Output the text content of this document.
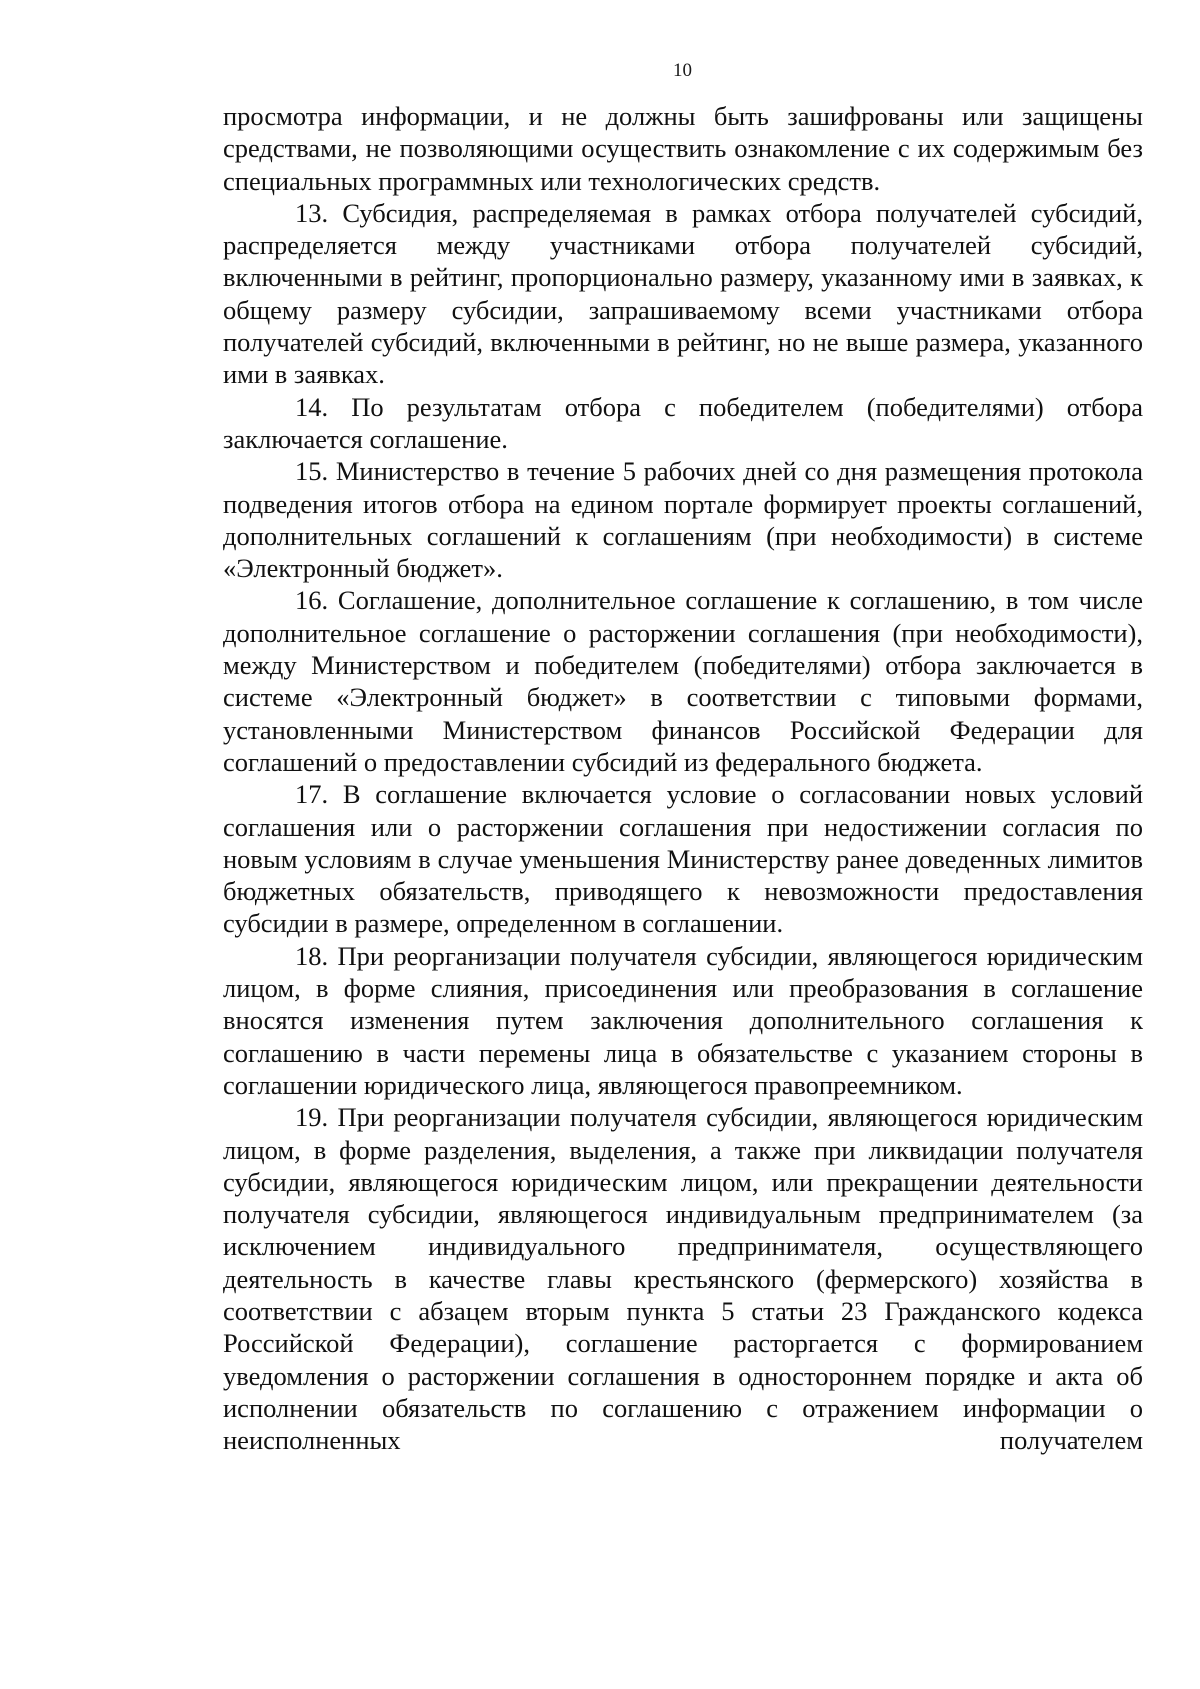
10

просмотра информации, и не должны быть зашифрованы или защищены средствами, не позволяющими осуществить ознакомление с их содержимым без специальных программных или технологических средств.

13. Субсидия, распределяемая в рамках отбора получателей субсидий, распределяется между участниками отбора получателей субсидий, включенными в рейтинг, пропорционально размеру, указанному ими в заявках, к общему размеру субсидии, запрашиваемому всеми участниками отбора получателей субсидий, включенными в рейтинг, но не выше размера, указанного ими в заявках.

14. По результатам отбора с победителем (победителями) отбора заключается соглашение.

15. Министерство в течение 5 рабочих дней со дня размещения протокола подведения итогов отбора на едином портале формирует проекты соглашений, дополнительных соглашений к соглашениям (при необходимости) в системе «Электронный бюджет».

16. Соглашение, дополнительное соглашение к соглашению, в том числе дополнительное соглашение о расторжении соглашения (при необходимости), между Министерством и победителем (победителями) отбора заключается в системе «Электронный бюджет» в соответствии с типовыми формами, установленными Министерством финансов Российской Федерации для соглашений о предоставлении субсидий из федерального бюджета.

17. В соглашение включается условие о согласовании новых условий соглашения или о расторжении соглашения при недостижении согласия по новым условиям в случае уменьшения Министерству ранее доведенных лимитов бюджетных обязательств, приводящего к невозможности предоставления субсидии в размере, определенном в соглашении.

18. При реорганизации получателя субсидии, являющегося юридическим лицом, в форме слияния, присоединения или преобразования в соглашение вносятся изменения путем заключения дополнительного соглашения к соглашению в части перемены лица в обязательстве с указанием стороны в соглашении юридического лица, являющегося правопреемником.

19. При реорганизации получателя субсидии, являющегося юридическим лицом, в форме разделения, выделения, а также при ликвидации получателя субсидии, являющегося юридическим лицом, или прекращении деятельности получателя субсидии, являющегося индивидуальным предпринимателем (за исключением индивидуального предпринимателя, осуществляющего деятельность в качестве главы крестьянского (фермерского) хозяйства в соответствии с абзацем вторым пункта 5 статьи 23 Гражданского кодекса Российской Федерации), соглашение расторгается с формированием уведомления о расторжении соглашения в одностороннем порядке и акта об исполнении обязательств по соглашению с отражением информации о неисполненных получателем
